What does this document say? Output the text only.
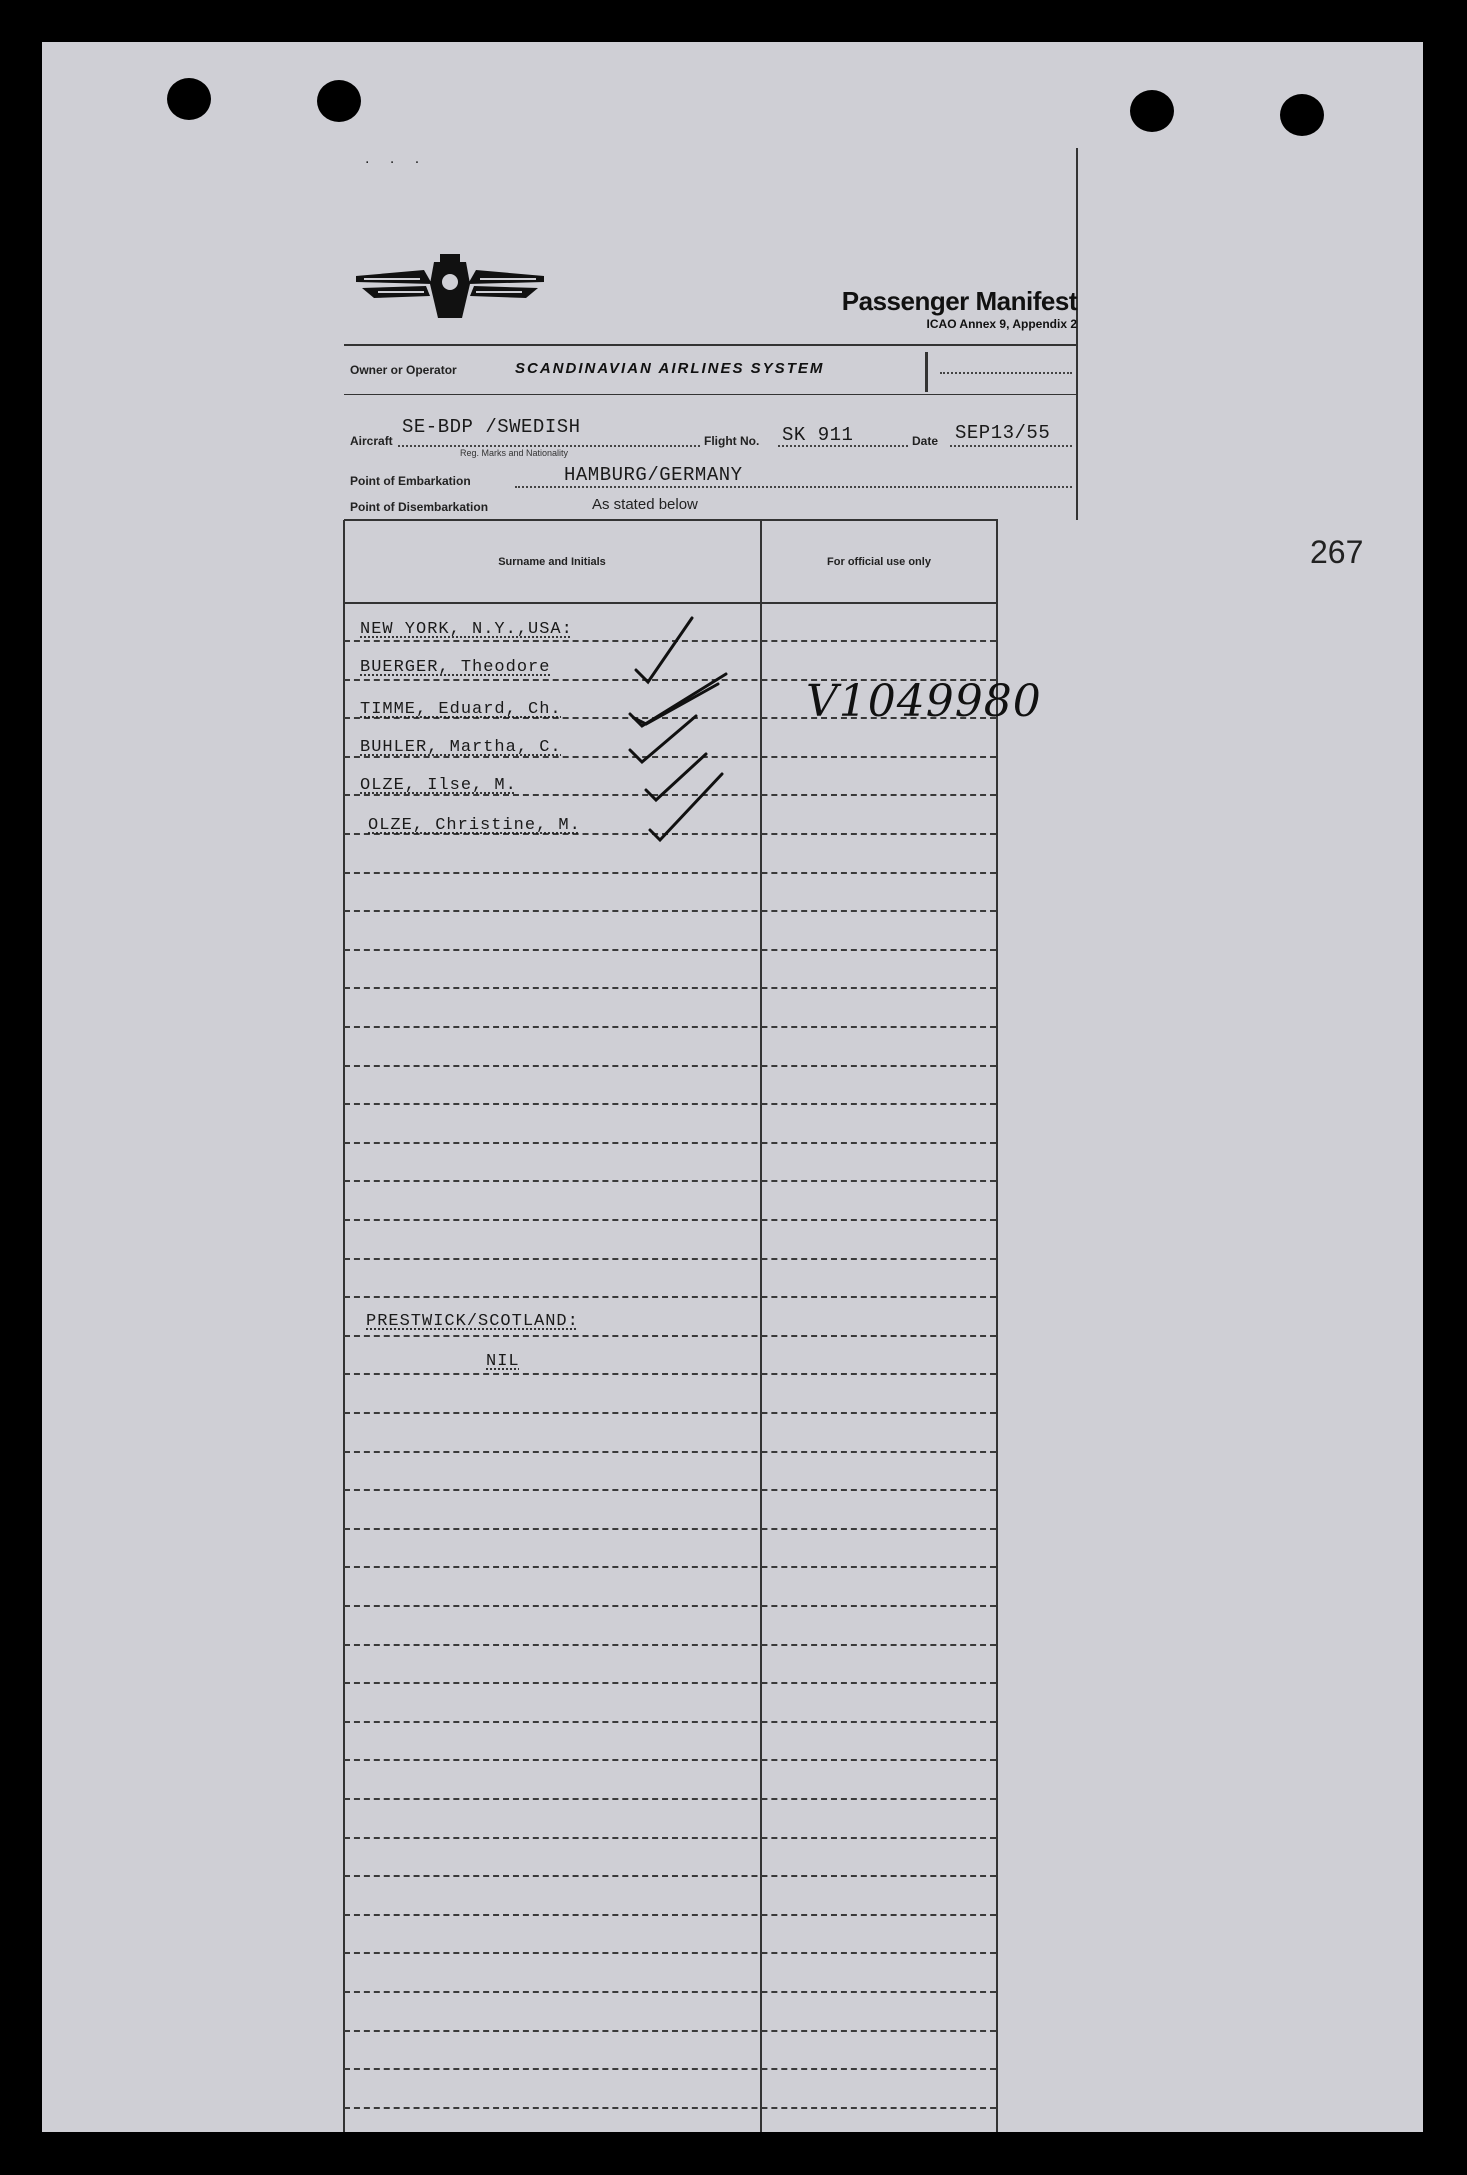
. . .
Passenger Manifest
ICAO Annex 9, Appendix 2
Owner or Operator	SCANDINAVIAN AIRLINES SYSTEM
Aircraft
SE-BDP /SWEDISH
Reg. Marks and Nationality
Flight No. SK 911	Date SEP13/55
Point of Embarkation	HAMBURG/GERMANY
Point of Disembarkation	As stated below
Surname and Initials	For official use only
NEW YORK, N.Y.,USA:
BUERGER, Theodore
TIMME, Eduard, Ch.
BUHLER, Martha, C.
OLZE, Ilse, M.
OLZE, Christine, M.
V1049980
PRESTWICK/SCOTLAND:
NIL
267
